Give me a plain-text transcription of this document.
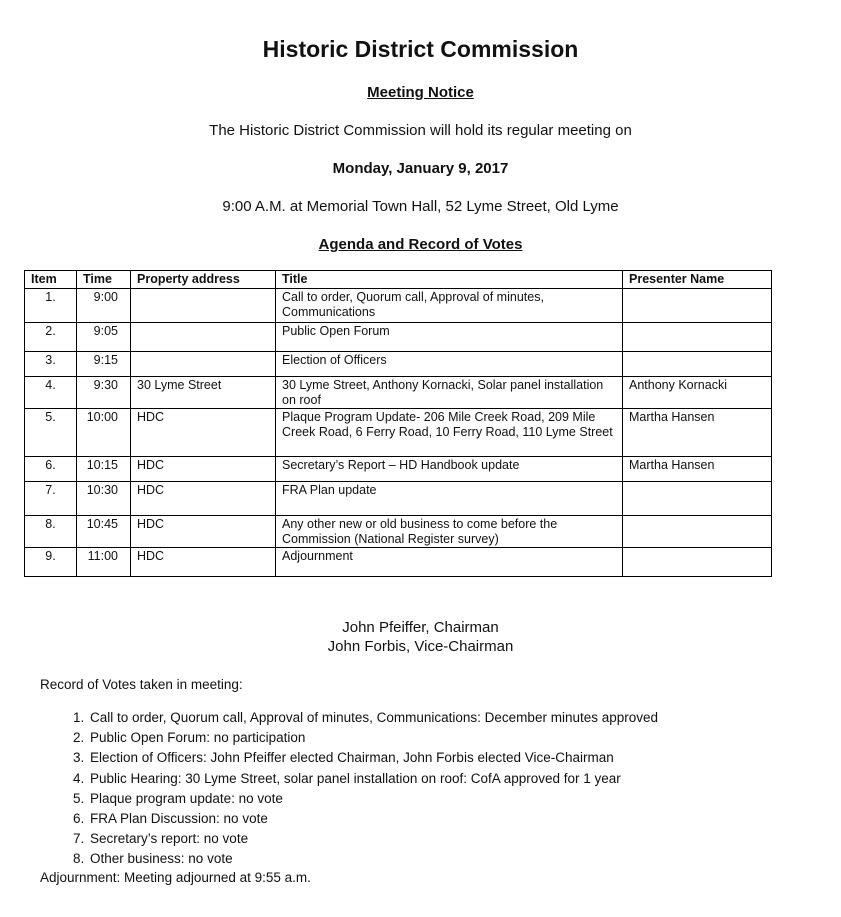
Historic District Commission
Meeting Notice
The Historic District Commission will hold its regular meeting on
Monday, January 9, 2017
9:00 A.M. at Memorial Town Hall, 52 Lyme Street, Old Lyme
Agenda and Record of Votes
Item	Time	Property address	Title	Presenter Name
1.	9:00		Call to order, Quorum call, Approval of minutes, Communications	
2.	9:05		Public Open Forum	
3.	9:15		Election of Officers	
4.	9:30	30 Lyme Street	30 Lyme Street, Anthony Kornacki, Solar panel installation on roof	Anthony Kornacki
5.	10:00	HDC	Plaque Program Update- 206 Mile Creek Road, 209 Mile Creek Road, 6 Ferry Road, 10 Ferry Road, 110 Lyme Street	Martha Hansen
6.	10:15	HDC	Secretary’s Report – HD Handbook update	Martha Hansen
7.	10:30	HDC	FRA Plan update	
8.	10:45	HDC	Any other new or old business to come before the Commission (National Register survey)	
9.	11:00	HDC	Adjournment	
John Pfeiffer, Chairman
John Forbis, Vice-Chairman
Record of Votes taken in meeting:
1. Call to order, Quorum call, Approval of minutes, Communications: December minutes approved
2. Public Open Forum: no participation
3. Election of Officers: John Pfeiffer elected Chairman, John Forbis elected Vice-Chairman
4. Public Hearing: 30 Lyme Street, solar panel installation on roof: CofA approved for 1 year
5. Plaque program update: no vote
6. FRA Plan Discussion: no vote
7. Secretary’s report: no vote
8. Other business: no vote
Adjournment: Meeting adjourned at 9:55 a.m.
